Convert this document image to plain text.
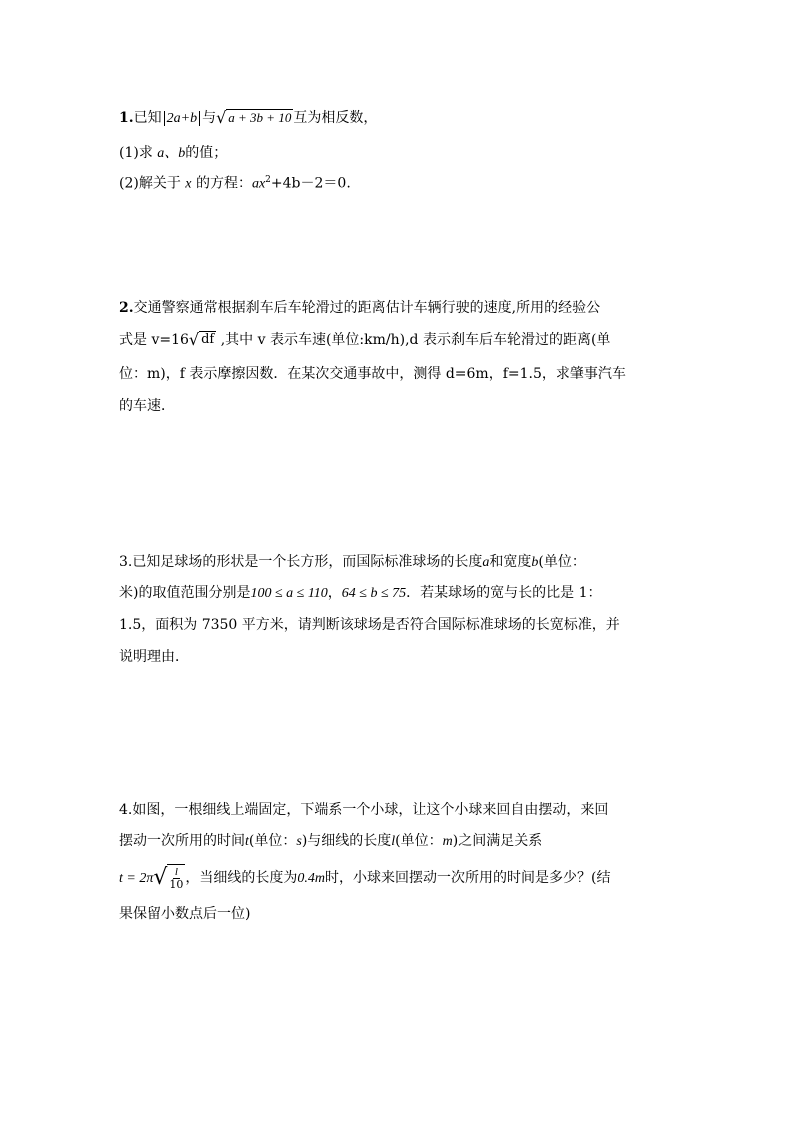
1.已知 2a+b 与 √ a + 3b + 10 互为相反数，
(1)求 a、b的值；
(2)解关于 x 的方程：$ax^2+4b-2=0$.
2.交通警察通常根据刹车后车轮滑过的距离估计车辆行驶的速度,所用的经验公
式是 v=16 √ df ,其中 v 表示车速(单位:km/h),d 表示刹车后车轮滑过的距离(单
位：m)，f 表示摩擦因数．在某次交通事故中，测得 d=6m，f=1.5，求肇事汽车
的车速．
3.已知足球场的形状是一个长方形，而国际标准球场的长度a和宽度b(单位：
米)的取值范围分别是100 ≤ a ≤ 110，64 ≤ b ≤ 75．若某球场的宽与长的比是 1：
1.5，面积为 7350 平方米，请判断该球场是否符合国际标准球场的长宽标准，并
说明理由．
4.如图，一根细线上端固定，下端系一个小球，让这个小球来回自由摆动，来回
摆动一次所用的时间t(单位：s)与细线的长度l(单位：m)之间满足关系
t = 2π √ $\frac{l}{10}$ ，当细线的长度为0.4m时，小球来回摆动一次所用的时间是多少？(结
果保留小数点后一位)
